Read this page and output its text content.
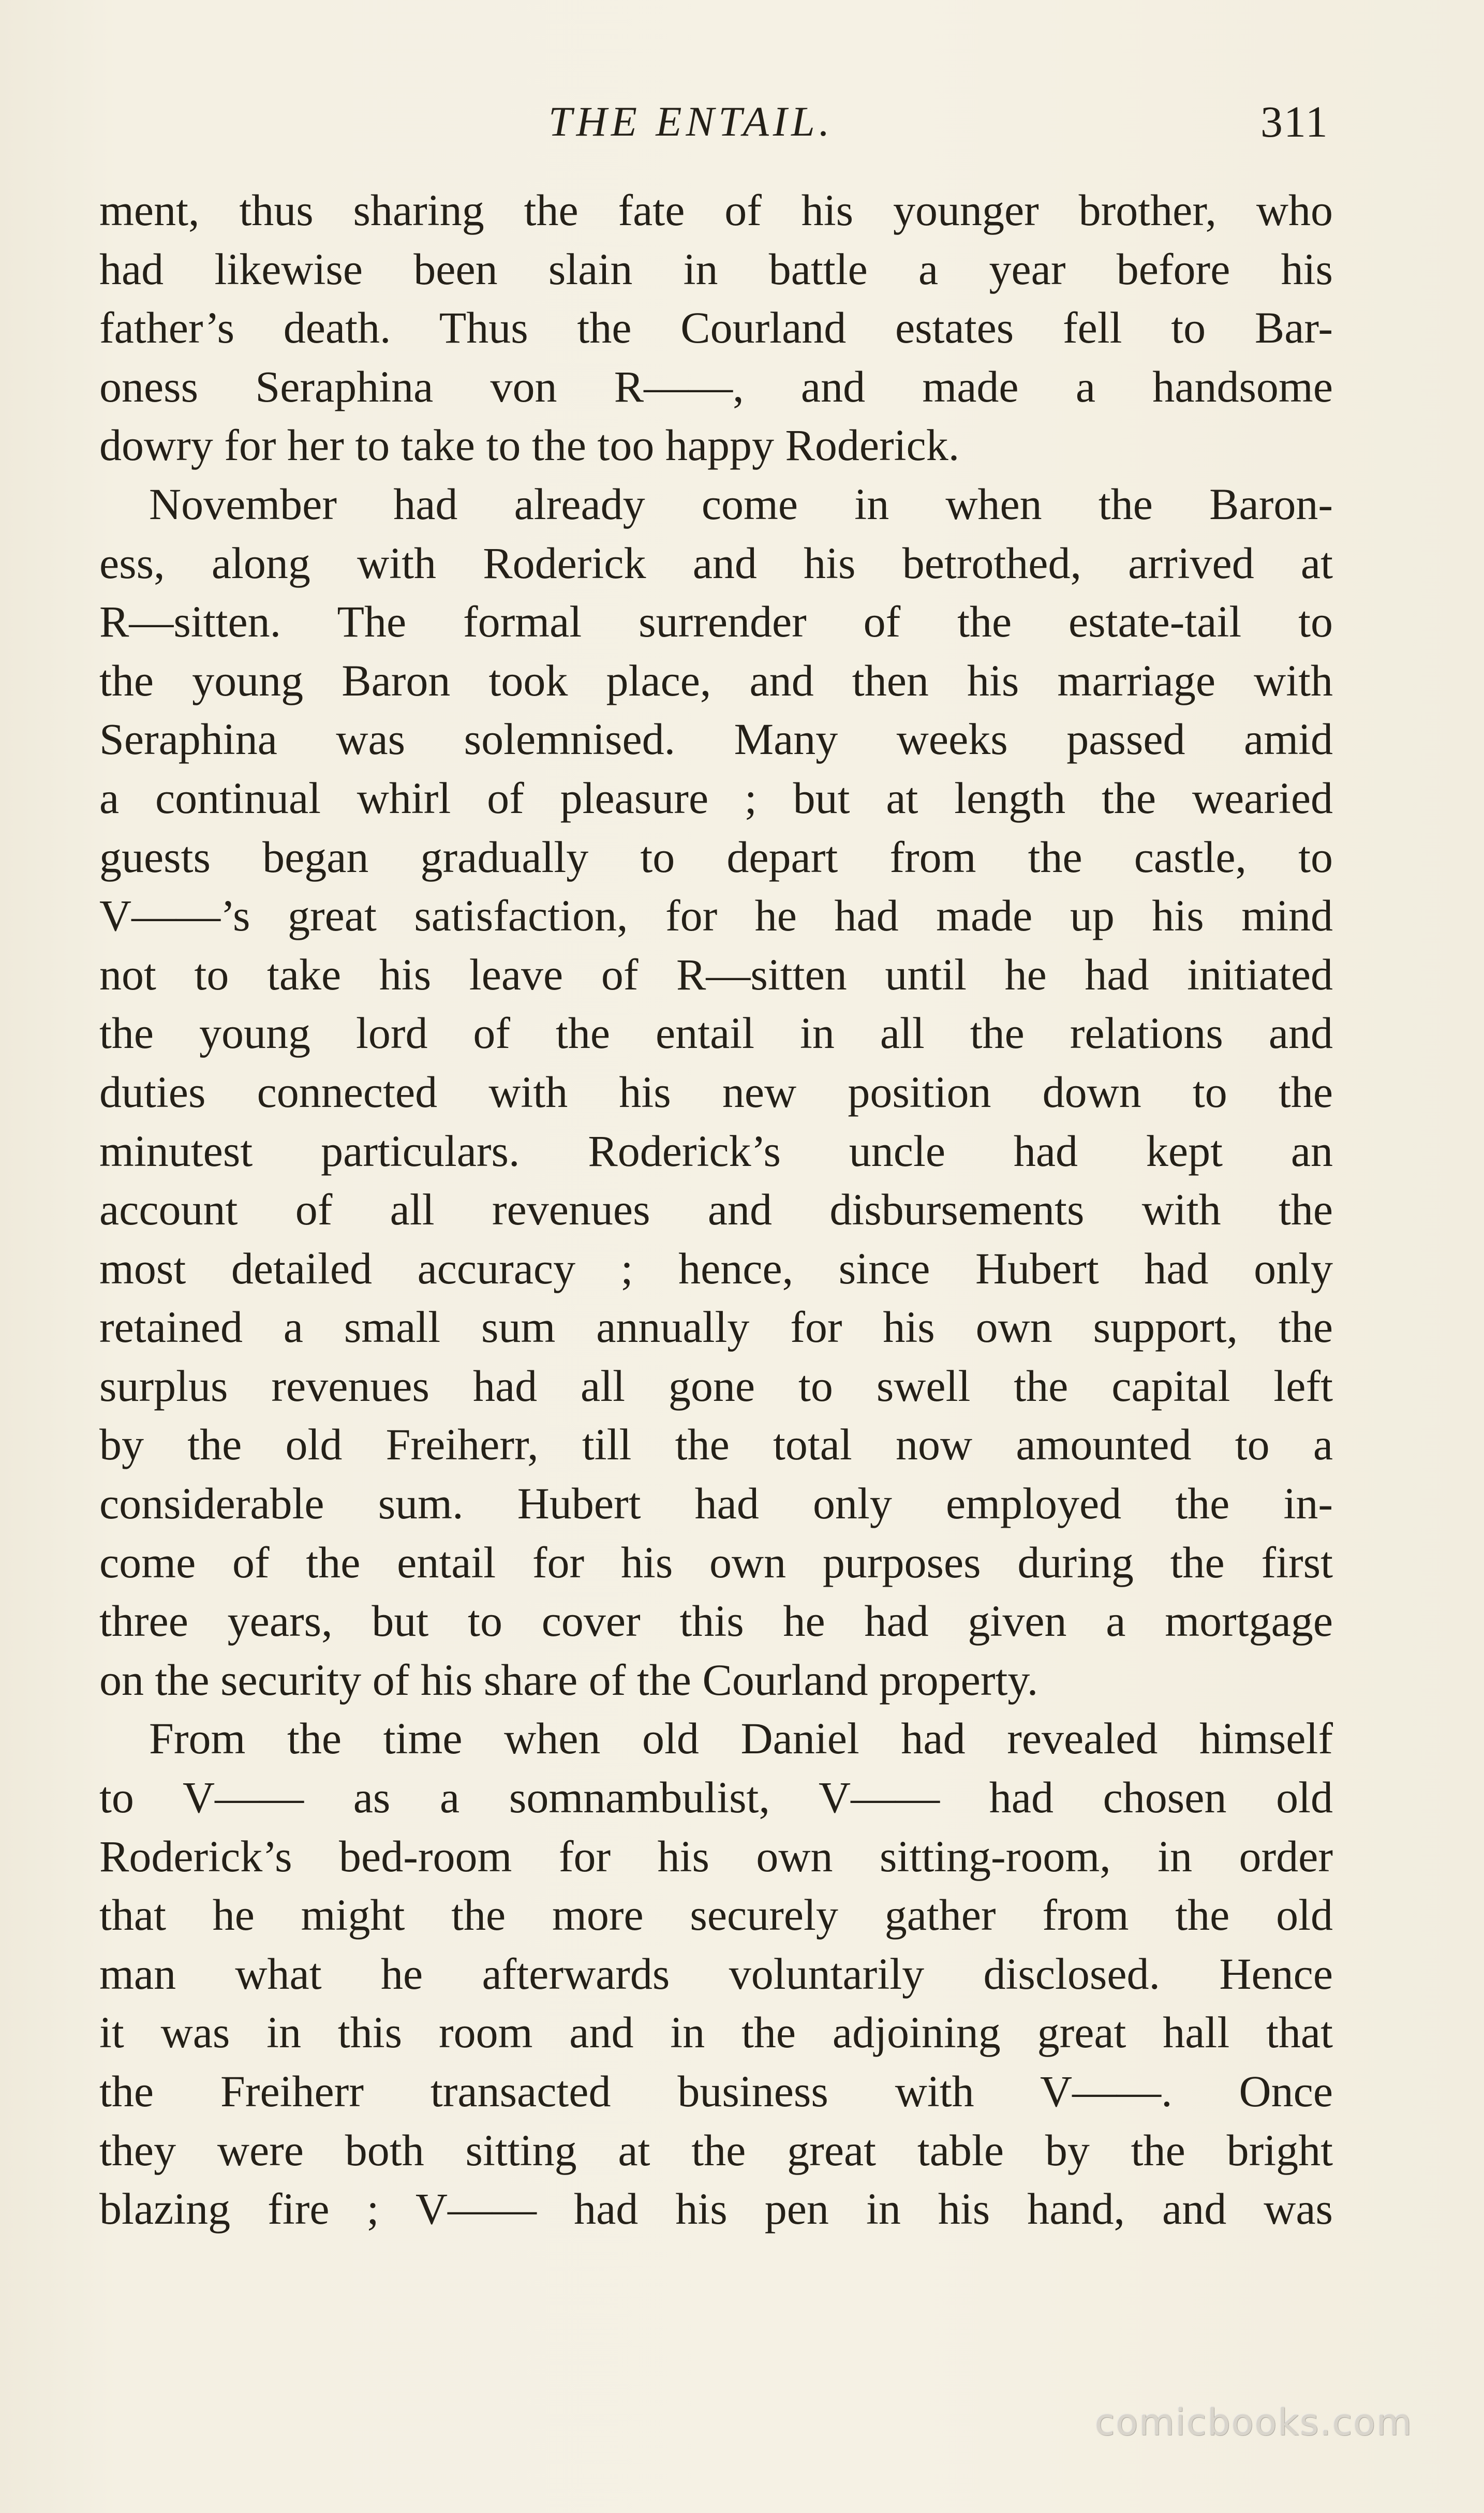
THE ENTAIL.	311
ment, thus sharing the fate of his younger brother, who
had likewise been slain in battle a year before his
father’s death. Thus the Courland estates fell to Bar-
oness Seraphina von R——, and made a handsome
dowry for her to take to the too happy Roderick.
November had already come in when the Baron-
ess, along with Roderick and his betrothed, arrived at
R—sitten. The formal surrender of the estate-tail to
the young Baron took place, and then his marriage with
Seraphina was solemnised. Many weeks passed amid
a continual whirl of pleasure ; but at length the wearied
guests began gradually to depart from the castle, to
V——’s great satisfaction, for he had made up his mind
not to take his leave of R—sitten until he had initiated
the young lord of the entail in all the relations and
duties connected with his new position down to the
minutest particulars. Roderick’s uncle had kept an
account of all revenues and disbursements with the
most detailed accuracy ; hence, since Hubert had only
retained a small sum annually for his own support, the
surplus revenues had all gone to swell the capital left
by the old Freiherr, till the total now amounted to a
considerable sum. Hubert had only employed the in-
come of the entail for his own purposes during the first
three years, but to cover this he had given a mortgage
on the security of his share of the Courland property.
From the time when old Daniel had revealed himself
to V—— as a somnambulist, V—— had chosen old
Roderick’s bed-room for his own sitting-room, in order
that he might the more securely gather from the old
man what he afterwards voluntarily disclosed. Hence
it was in this room and in the adjoining great hall that
the Freiherr transacted business with V——. Once
they were both sitting at the great table by the bright
blazing fire ; V—— had his pen in his hand, and was
comicbooks.com
